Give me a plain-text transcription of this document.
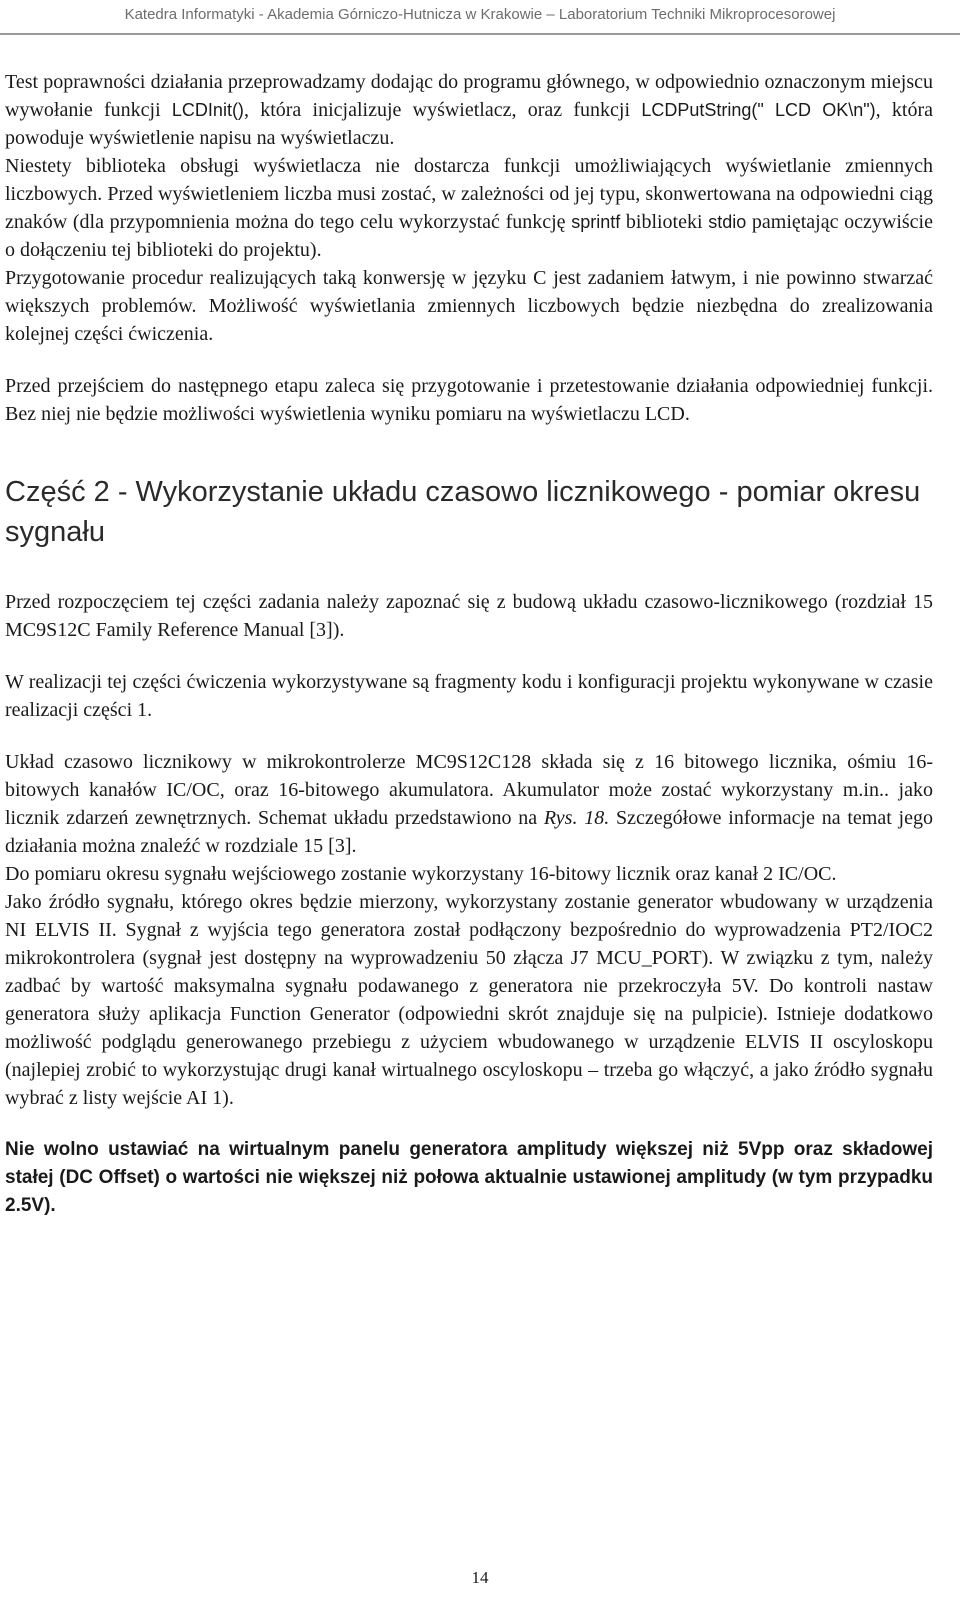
Katedra Informatyki - Akademia Górniczo-Hutnicza w Krakowie – Laboratorium Techniki Mikroprocesorowej

Test poprawności działania przeprowadzamy dodając do programu głównego, w odpowiednio oznaczonym miejscu wywołanie funkcji LCDInit(), która inicjalizuje wyświetlacz, oraz funkcji LCDPutString(" LCD OK\n"), która powoduje wyświetlenie napisu na wyświetlaczu.

Niestety biblioteka obsługi wyświetlacza nie dostarcza funkcji umożliwiających wyświetlanie zmiennych liczbowych. Przed wyświetleniem liczba musi zostać, w zależności od jej typu, skonwertowana na odpowiedni ciąg znaków (dla przypomnienia można do tego celu wykorzystać funkcję sprintf biblioteki stdio pamiętając oczywiście o dołączeniu tej biblioteki do projektu).

Przygotowanie procedur realizujących taką konwersję w języku C jest zadaniem łatwym, i nie powinno stwarzać większych problemów. Możliwość wyświetlania zmiennych liczbowych będzie niezbędna do zrealizowania kolejnej części ćwiczenia.

Przed przejściem do następnego etapu zaleca się przygotowanie i przetestowanie działania odpowiedniej funkcji. Bez niej nie będzie możliwości wyświetlenia wyniku pomiaru na wyświetlaczu LCD.

Część 2 - Wykorzystanie układu czasowo licznikowego - pomiar okresu sygnału

Przed rozpoczęciem tej części zadania należy zapoznać się z budową układu czasowo-licznikowego (rozdział 15 MC9S12C Family Reference Manual [3]).

W realizacji tej części ćwiczenia wykorzystywane są fragmenty kodu i konfiguracji projektu wykonywane w czasie realizacji części 1.

Układ czasowo licznikowy w mikrokontrolerze MC9S12C128 składa się z 16 bitowego licznika, ośmiu 16-bitowych kanałów IC/OC, oraz 16-bitowego akumulatora. Akumulator może zostać wykorzystany m.in.. jako licznik zdarzeń zewnętrznych. Schemat układu przedstawiono na Rys. 18. Szczegółowe informacje na temat jego działania można znaleźć w rozdziale 15 [3].

Do pomiaru okresu sygnału wejściowego zostanie wykorzystany 16-bitowy licznik oraz kanał 2 IC/OC.

Jako źródło sygnału, którego okres będzie mierzony, wykorzystany zostanie generator wbudowany w urządzenia NI ELVIS II. Sygnał z wyjścia tego generatora został podłączony bezpośrednio do wyprowadzenia PT2/IOC2 mikrokontrolera (sygnał jest dostępny na wyprowadzeniu 50 złącza J7 MCU_PORT). W związku z tym, należy zadbać by wartość maksymalna sygnału podawanego z generatora nie przekroczyła 5V. Do kontroli nastaw generatora służy aplikacja Function Generator (odpowiedni skrót znajduje się na pulpicie). Istnieje dodatkowo możliwość podglądu generowanego przebiegu z użyciem wbudowanego w urządzenie ELVIS II oscyloskopu (najlepiej zrobić to wykorzystując drugi kanał wirtualnego oscyloskopu – trzeba go włączyć, a jako źródło sygnału wybrać z listy wejście AI 1).

Nie wolno ustawiać na wirtualnym panelu generatora amplitudy większej niż 5Vpp oraz składowej stałej (DC Offset) o wartości nie większej niż połowa aktualnie ustawionej amplitudy (w tym przypadku 2.5V).

14
